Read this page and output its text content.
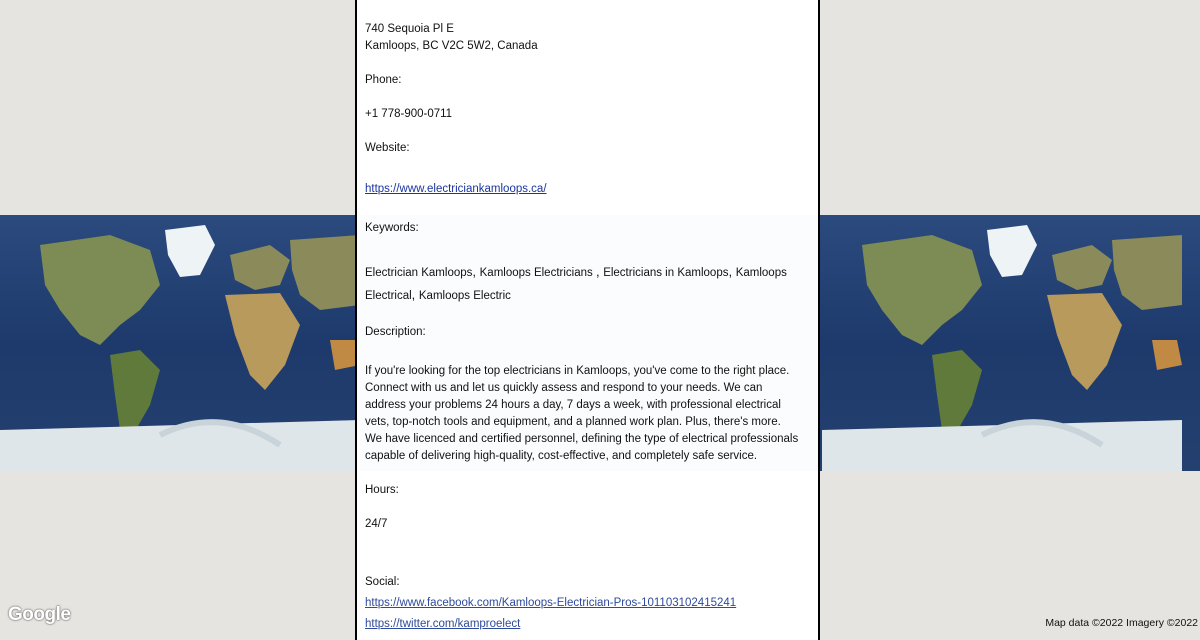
Google	Map data ©2022 Imagery ©2022
740 Sequoia Pl E
Kamloops, BC V2C 5W2, Canada
Phone:
+1 778-900-0711
Website:
https://www.electriciankamloops.ca/
Keywords:
Electrician Kamloops, Kamloops Electricians , Electricians in Kamloops, Kamloops Electrical, Kamloops Electric
Description:
If you're looking for the top electricians in Kamloops, you've come to the right place.
Connect with us and let us quickly assess and respond to your needs. We can
address your problems 24 hours a day, 7 days a week, with professional electrical
vets, top-notch tools and equipment, and a planned work plan. Plus, there's more.
We have licenced and certified personnel, defining the type of electrical professionals
capable of delivering high-quality, cost-effective, and completely safe service.
Hours:
24/7
Social:
https://www.facebook.com/Kamloops-Electrician-Pros-101103102415241
https://twitter.com/kamproelect
